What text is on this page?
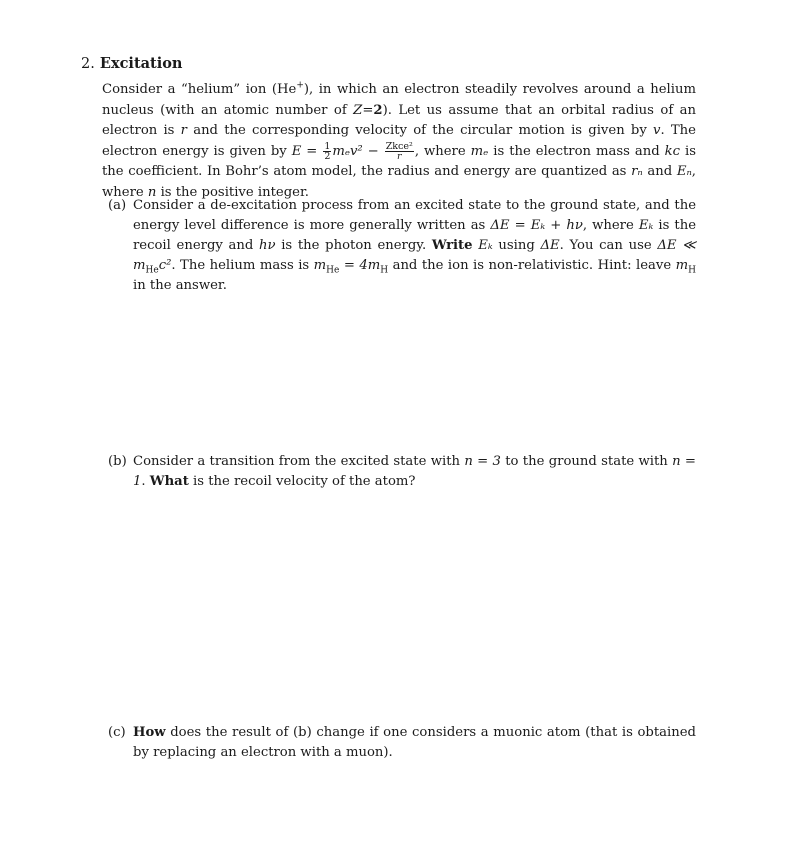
2. Excitation
Consider a “helium” ion (He+), in which an electron steadily revolves around a helium nucleus (with an atomic number of Z=2). Let us assume that an orbital radius of an electron is r and the corresponding velocity of the circular motion is given by v. The electron energy is given by $E = \frac{1}{2} m_ev^2 - \frac{\text{Zkᴄe²}}{r}$, where mₑ is the electron mass and kᴄ is the coefficient. In Bohr’s atom model, the radius and energy are quantized as rₙ and Eₙ, where n is the positive integer.
(a) Consider a de-excitation process from an excited state to the ground state, and the energy level difference is more generally written as ΔE = Eₖ + hν, where Eₖ is the recoil energy and hν is the photon energy. Write Eₖ using ΔE. You can use ΔE ≪ $m_{He}c^2$. The helium mass is $m_{He} = 4m_H$ and the ion is non-relativistic. Hint: leave $m_H$ in the answer.
(b) Consider a transition from the excited state with n = 3 to the ground state with n = 1. What is the recoil velocity of the atom?
(c) How does the result of (b) change if one considers a muonic atom (that is obtained by replacing an electron with a muon).
